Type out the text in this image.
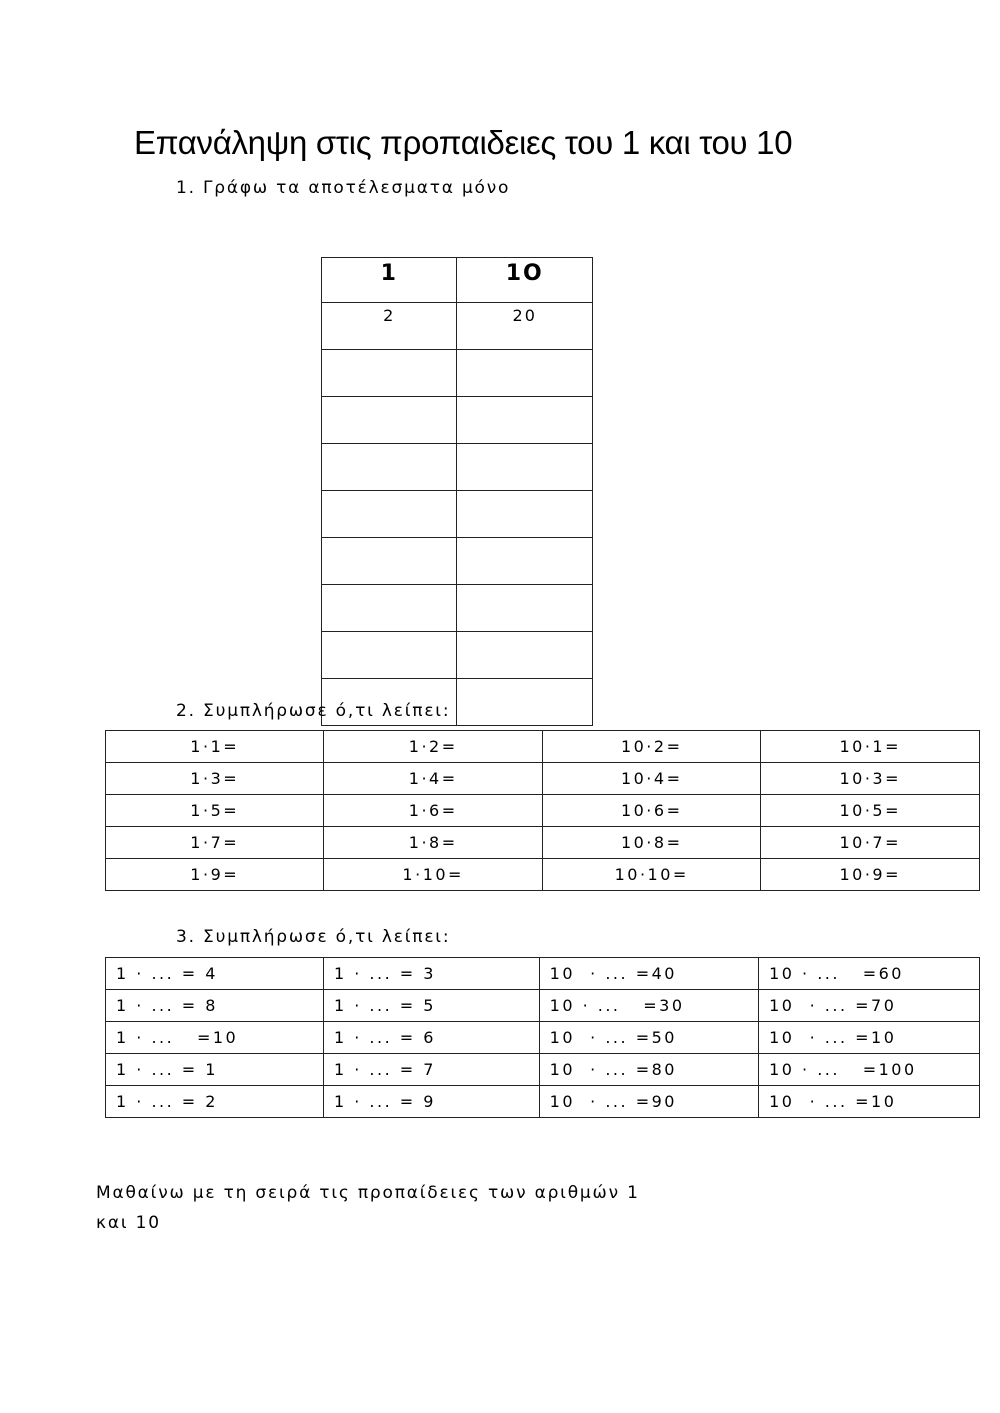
Επανάληψη στις προπαιδειες του 1 και του 10
1. Γράφω τα αποτέλεσματα μόνο
1	1O
2	20

2. Συμπλήρωσε ό,τι λείπει:
1·1=	1·2=	10·2=	10·1=
1·3=	1·4=	10·4=	10·3=
1·5=	1·6=	10·6=	10·5=
1·7=	1·8=	10·8=	10·7=
1·9=	1·10=	10·10=	10·9=
3. Συμπλήρωσε ό,τι λείπει:
1 · ... = 4	1 · ... = 3	10  · ... =40	10 · ...   =60
1 · ... = 8	1 · ... = 5	10 · ...   =30	10  · ... =70
1 · ...   =10	1 · ... = 6	10  · ... =50	10  · ... =10
1 · ... = 1	1 · ... = 7	10  · ... =80	10 · ...   =100
1 · ... = 2	1 · ... = 9	10  · ... =90	10  · ... =10
Μαθαίνω με τη σειρά τις προπαίδειες των αριθμών 1
και 10
